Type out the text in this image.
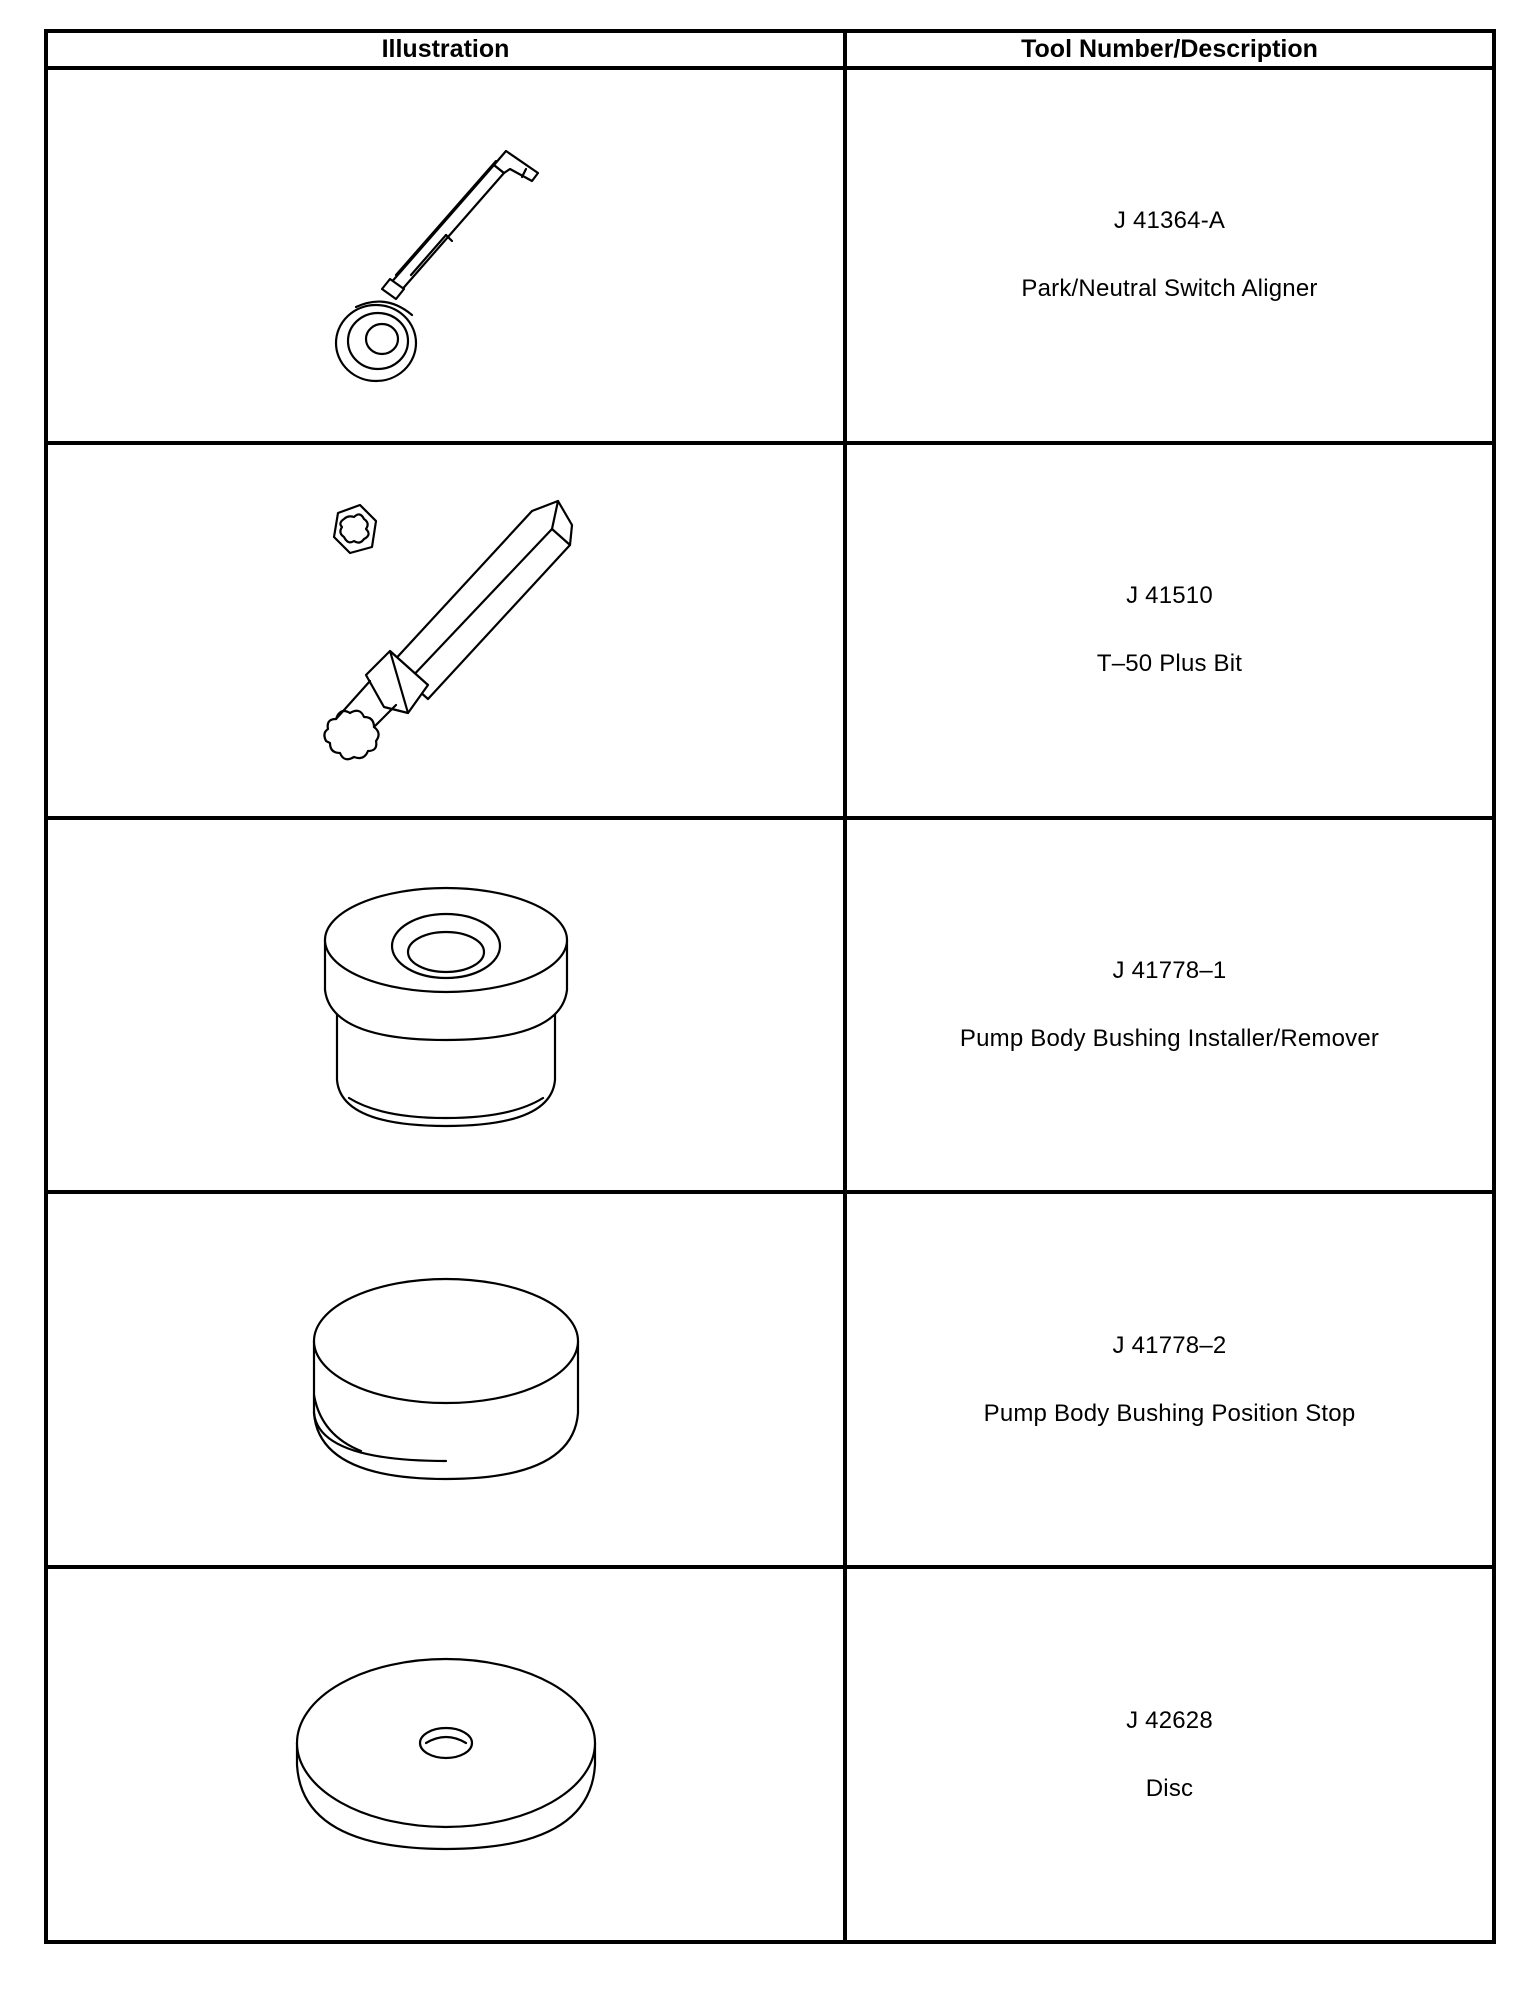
Illustration	Tool Number/Description

J 41364-A
Park/Neutral Switch Aligner

J 41510
T–50 Plus Bit

J 41778–1
Pump Body Bushing Installer/Remover

J 41778–2
Pump Body Bushing Position Stop

J 42628
Disc
